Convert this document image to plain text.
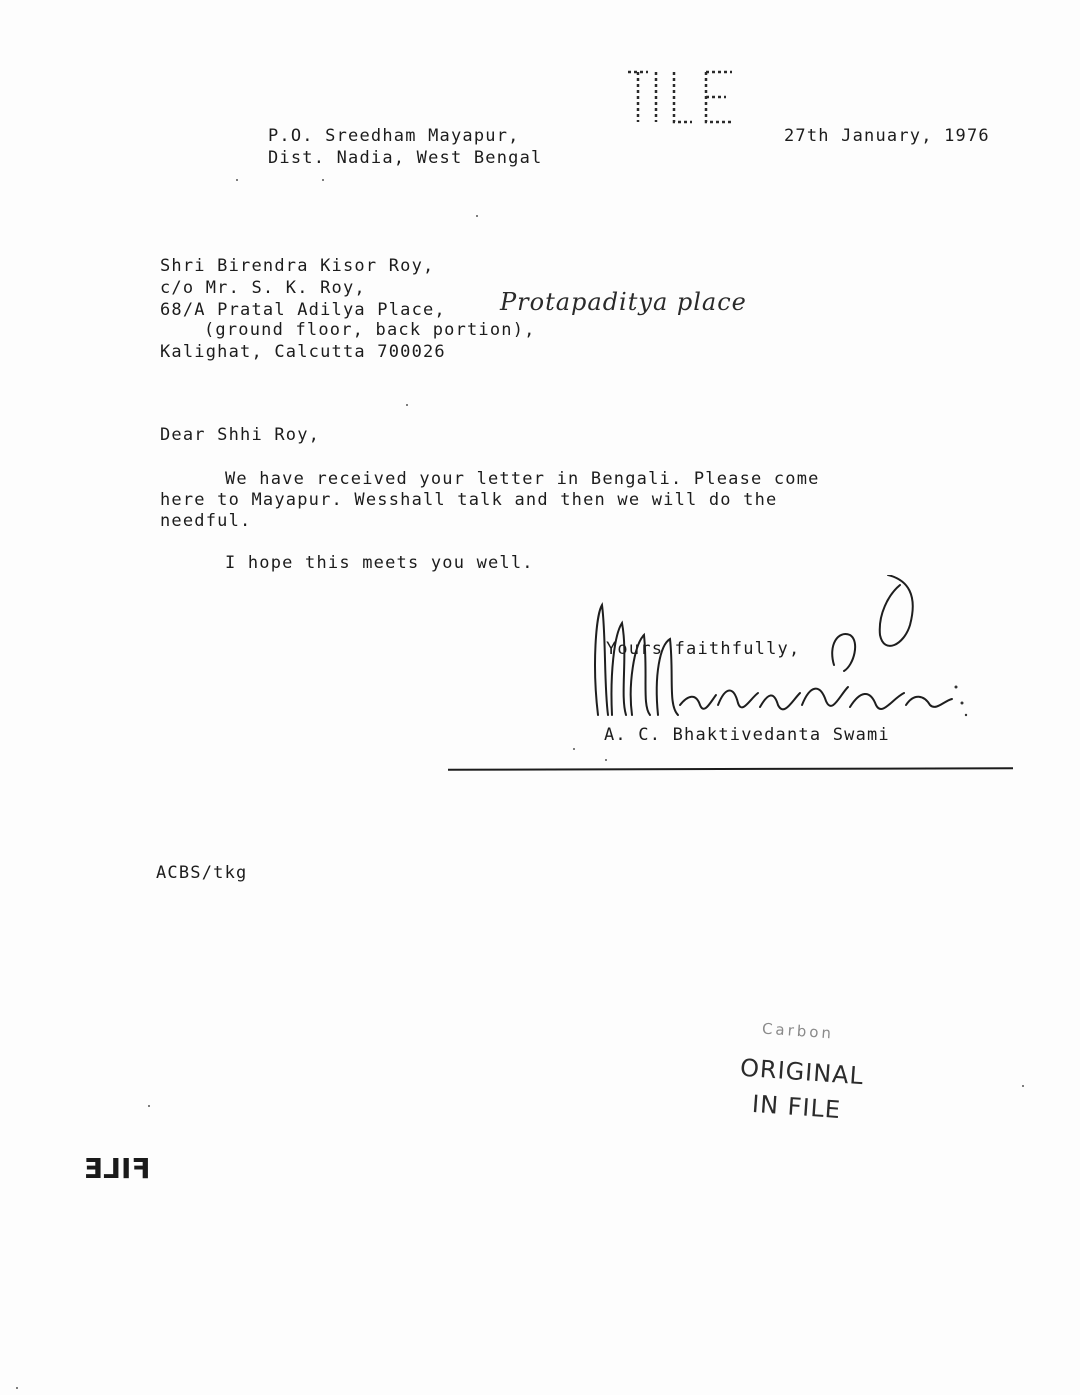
P.O. Sreedham Mayapur,
Dist. Nadia, West Bengal
27th January, 1976
Shri Birendra Kisor Roy,
c/o Mr. S. K. Roy,
68/A Pratal Adilya Place, Protapaditya place
(ground floor, back portion),
Kalighat, Calcutta 700026
Dear Shhi Roy,
We have received your letter in Bengali. Please come
here to Mayapur. Wesshall talk and then we will do the
needful.
I hope this meets you well.
Yours faithfully,
A. C. Bhaktivedanta Swami
ACBS/tkg
Carbon
ORIGINAL
IN FILE
FILE
